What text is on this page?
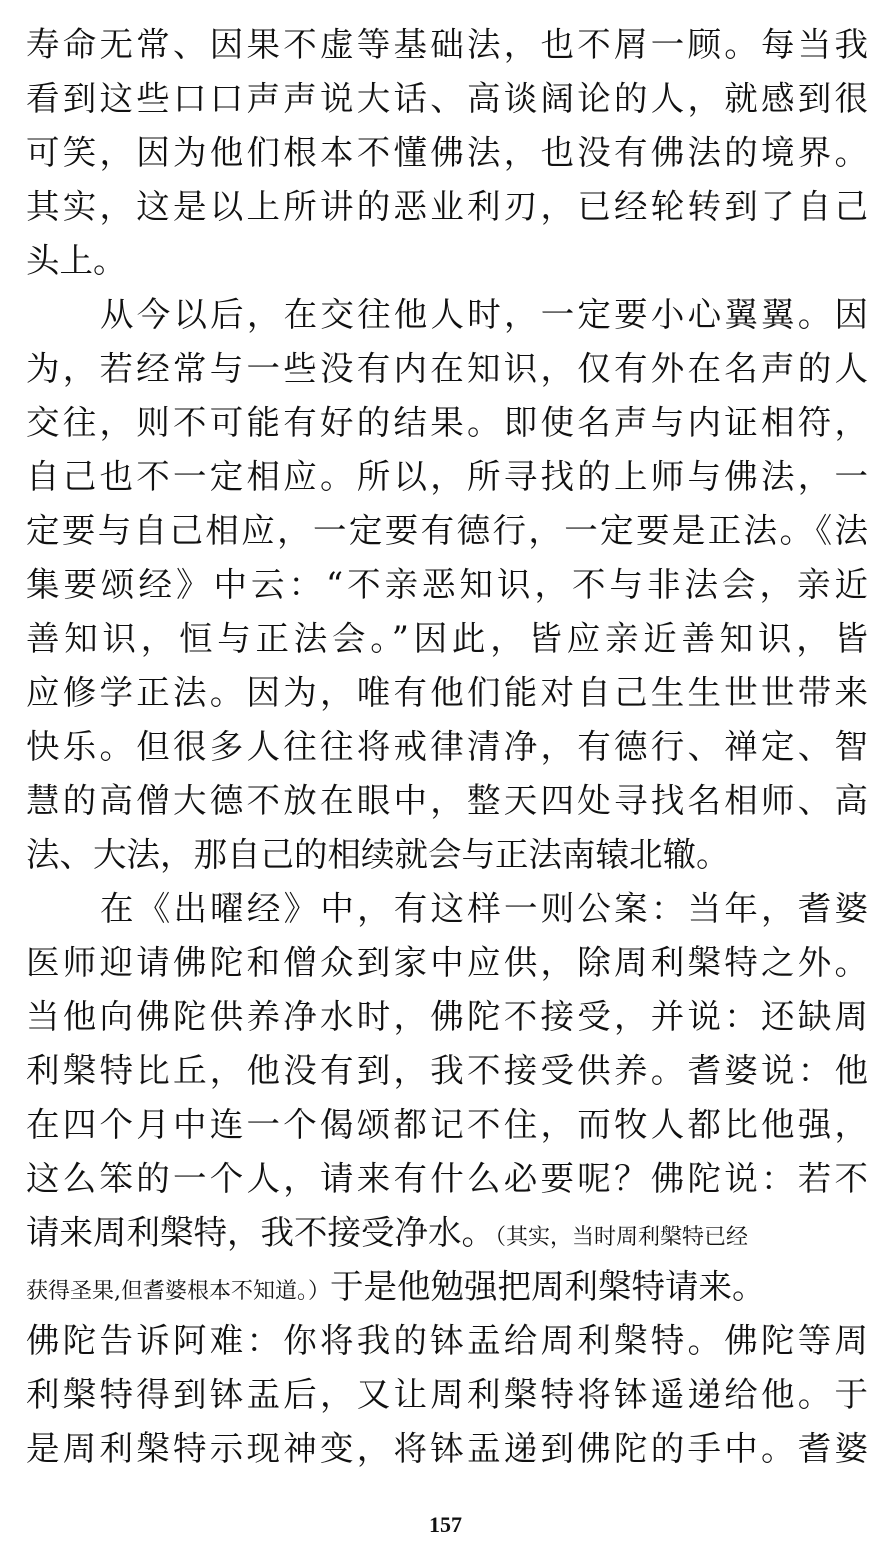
寿命无常、因果不虚等基础法，也不屑一顾。每当我
看到这些口口声声说大话、高谈阔论的人，就感到很
可笑，因为他们根本不懂佛法，也没有佛法的境界。
其实，这是以上所讲的恶业利刃，已经轮转到了自己
头上。
从今以后，在交往他人时，一定要小心翼翼。因
为，若经常与一些没有内在知识，仅有外在名声的人
交往，则不可能有好的结果。即使名声与内证相符，
自己也不一定相应。所以，所寻找的上师与佛法，一
定要与自己相应，一定要有德行，一定要是正法。《法
集要颂经》中云：“不亲恶知识，不与非法会，亲近
善知识，恒与正法会。”因此，皆应亲近善知识，皆
应修学正法。因为，唯有他们能对自己生生世世带来
快乐。但很多人往往将戒律清净，有德行、禅定、智
慧的高僧大德不放在眼中，整天四处寻找名相师、高
法、大法，那自己的相续就会与正法南辕北辙。
在《出曜经》中，有这样一则公案：当年，耆婆
医师迎请佛陀和僧众到家中应供，除周利槃特之外。
当他向佛陀供养净水时，佛陀不接受，并说：还缺周
利槃特比丘，他没有到，我不接受供养。耆婆说：他
在四个月中连一个偈颂都记不住，而牧人都比他强，
这么笨的一个人，请来有什么必要呢？佛陀说：若不
请来周利槃特，我不接受净水。（其实，当时周利槃特已经
获得圣果,但耆婆根本不知道。）于是他勉强把周利槃特请来。
佛陀告诉阿难：你将我的钵盂给周利槃特。佛陀等周
利槃特得到钵盂后，又让周利槃特将钵遥递给他。于
是周利槃特示现神变，将钵盂递到佛陀的手中。耆婆
157
